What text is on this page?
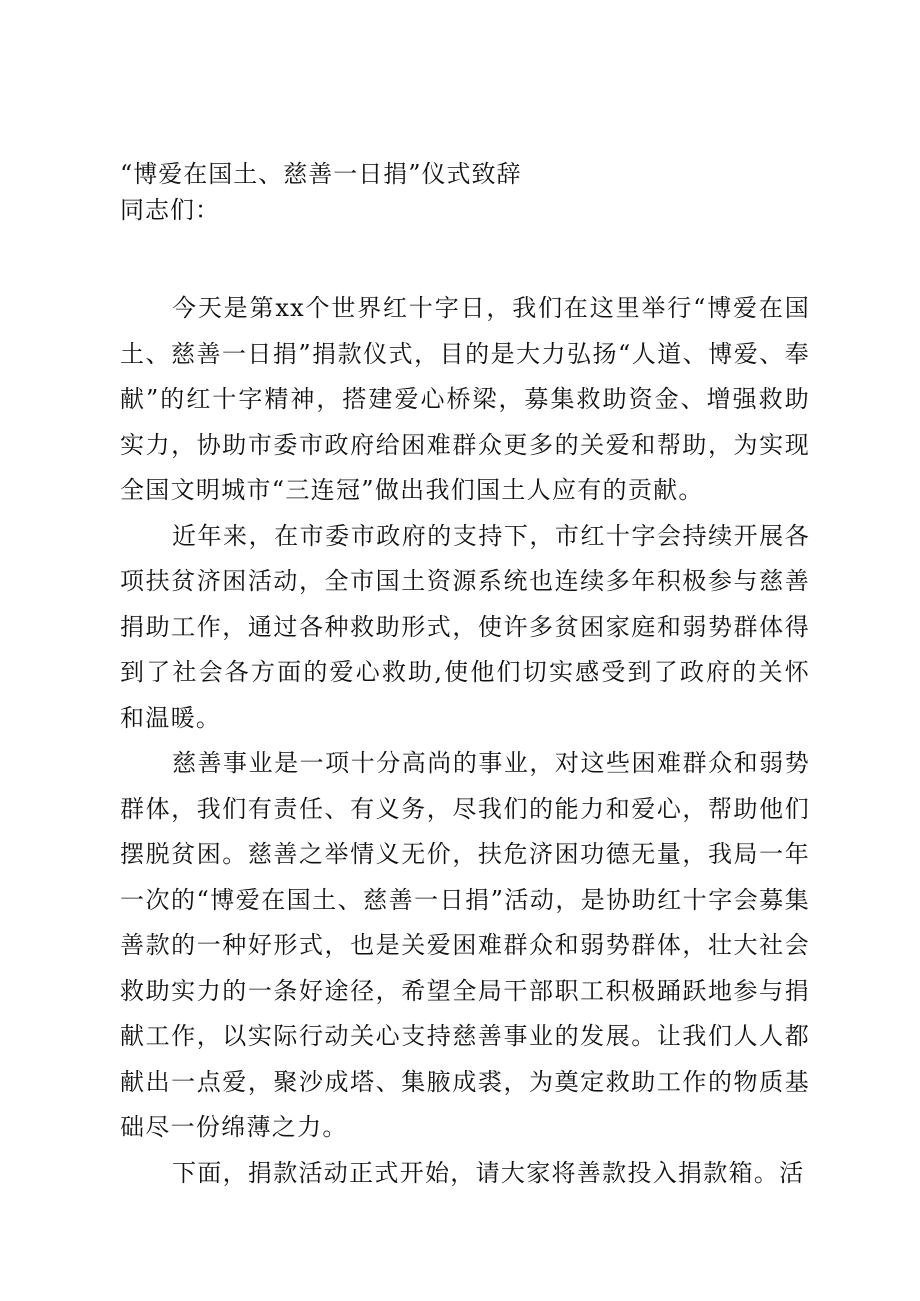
“博爱在国土、慈善一日捐”仪式致辞
同志们：

今天是第xx个世界红十字日，我们在这里举行“博爱在国土、慈善一日捐”捐款仪式，目的是大力弘扬“人道、博爱、奉献”的红十字精神，搭建爱心桥梁，募集救助资金、增强救助实力，协助市委市政府给困难群众更多的关爱和帮助，为实现全国文明城市“三连冠”做出我们国土人应有的贡献。

近年来，在市委市政府的支持下，市红十字会持续开展各项扶贫济困活动，全市国土资源系统也连续多年积极参与慈善捐助工作，通过各种救助形式，使许多贫困家庭和弱势群体得到了社会各方面的爱心救助,使他们切实感受到了政府的关怀和温暖。

慈善事业是一项十分高尚的事业，对这些困难群众和弱势群体，我们有责任、有义务，尽我们的能力和爱心，帮助他们摆脱贫困。慈善之举情义无价，扶危济困功德无量，我局一年一次的“博爱在国土、慈善一日捐”活动，是协助红十字会募集善款的一种好形式，也是关爱困难群众和弱势群体，壮大社会救助实力的一条好途径，希望全局干部职工积极踊跃地参与捐献工作，以实际行动关心支持慈善事业的发展。让我们人人都献出一点爱，聚沙成塔、集腋成裘，为奠定救助工作的物质基础尽一份绵薄之力。

下面，捐款活动正式开始，请大家将善款投入捐款箱。活
